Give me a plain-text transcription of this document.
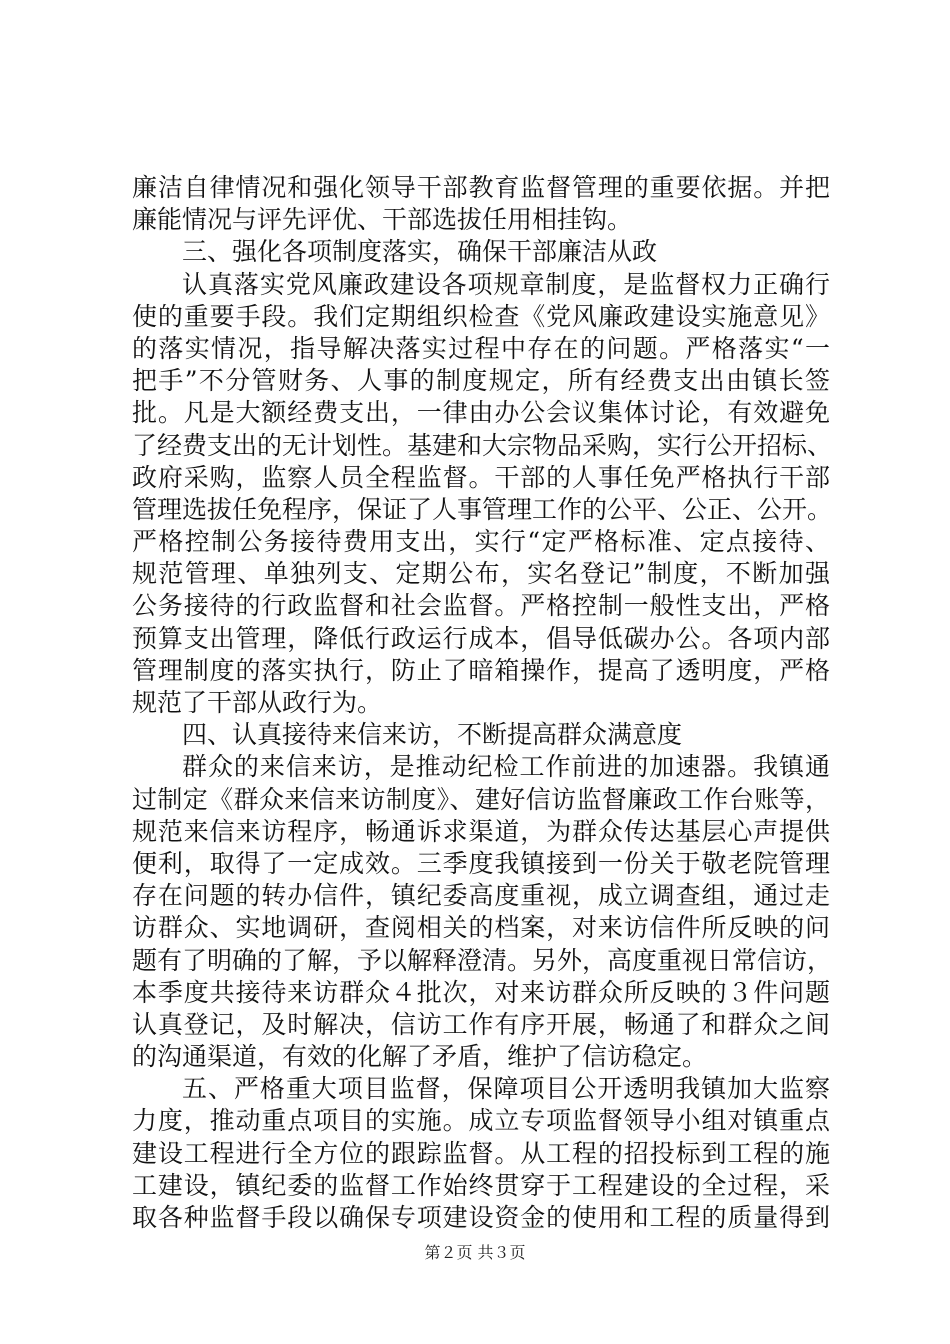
廉洁自律情况和强化领导干部教育监督管理的重要依据。并把
廉能情况与评先评优、干部选拔任用相挂钩。
三、强化各项制度落实，确保干部廉洁从政
认真落实党风廉政建设各项规章制度，是监督权力正确行
使的重要手段。我们定期组织检查《党风廉政建设实施意见》
的落实情况，指导解决落实过程中存在的问题。严格落实“一
把手”不分管财务、人事的制度规定，所有经费支出由镇长签
批。凡是大额经费支出，一律由办公会议集体讨论，有效避免
了经费支出的无计划性。基建和大宗物品采购，实行公开招标、
政府采购，监察人员全程监督。干部的人事任免严格执行干部
管理选拔任免程序，保证了人事管理工作的公平、公正、公开。
严格控制公务接待费用支出，实行“定严格标准、定点接待、
规范管理、单独列支、定期公布，实名登记”制度，不断加强
公务接待的行政监督和社会监督。严格控制一般性支出，严格
预算支出管理，降低行政运行成本，倡导低碳办公。各项内部
管理制度的落实执行，防止了暗箱操作，提高了透明度，严格
规范了干部从政行为。
四、认真接待来信来访，不断提高群众满意度
群众的来信来访，是推动纪检工作前进的加速器。我镇通
过制定《群众来信来访制度》、建好信访监督廉政工作台账等，
规范来信来访程序，畅通诉求渠道，为群众传达基层心声提供
便利，取得了一定成效。三季度我镇接到一份关于敬老院管理
存在问题的转办信件，镇纪委高度重视，成立调查组，通过走
访群众、实地调研，查阅相关的档案，对来访信件所反映的问
题有了明确的了解，予以解释澄清。另外，高度重视日常信访，
本季度共接待来访群众４批次，对来访群众所反映的３件问题
认真登记，及时解决，信访工作有序开展，畅通了和群众之间
的沟通渠道，有效的化解了矛盾，维护了信访稳定。
五、严格重大项目监督，保障项目公开透明我镇加大监察
力度，推动重点项目的实施。成立专项监督领导小组对镇重点
建设工程进行全方位的跟踪监督。从工程的招投标到工程的施
工建设，镇纪委的监督工作始终贯穿于工程建设的全过程，采
取各种监督手段以确保专项建设资金的使用和工程的质量得到
第２页 共３页
